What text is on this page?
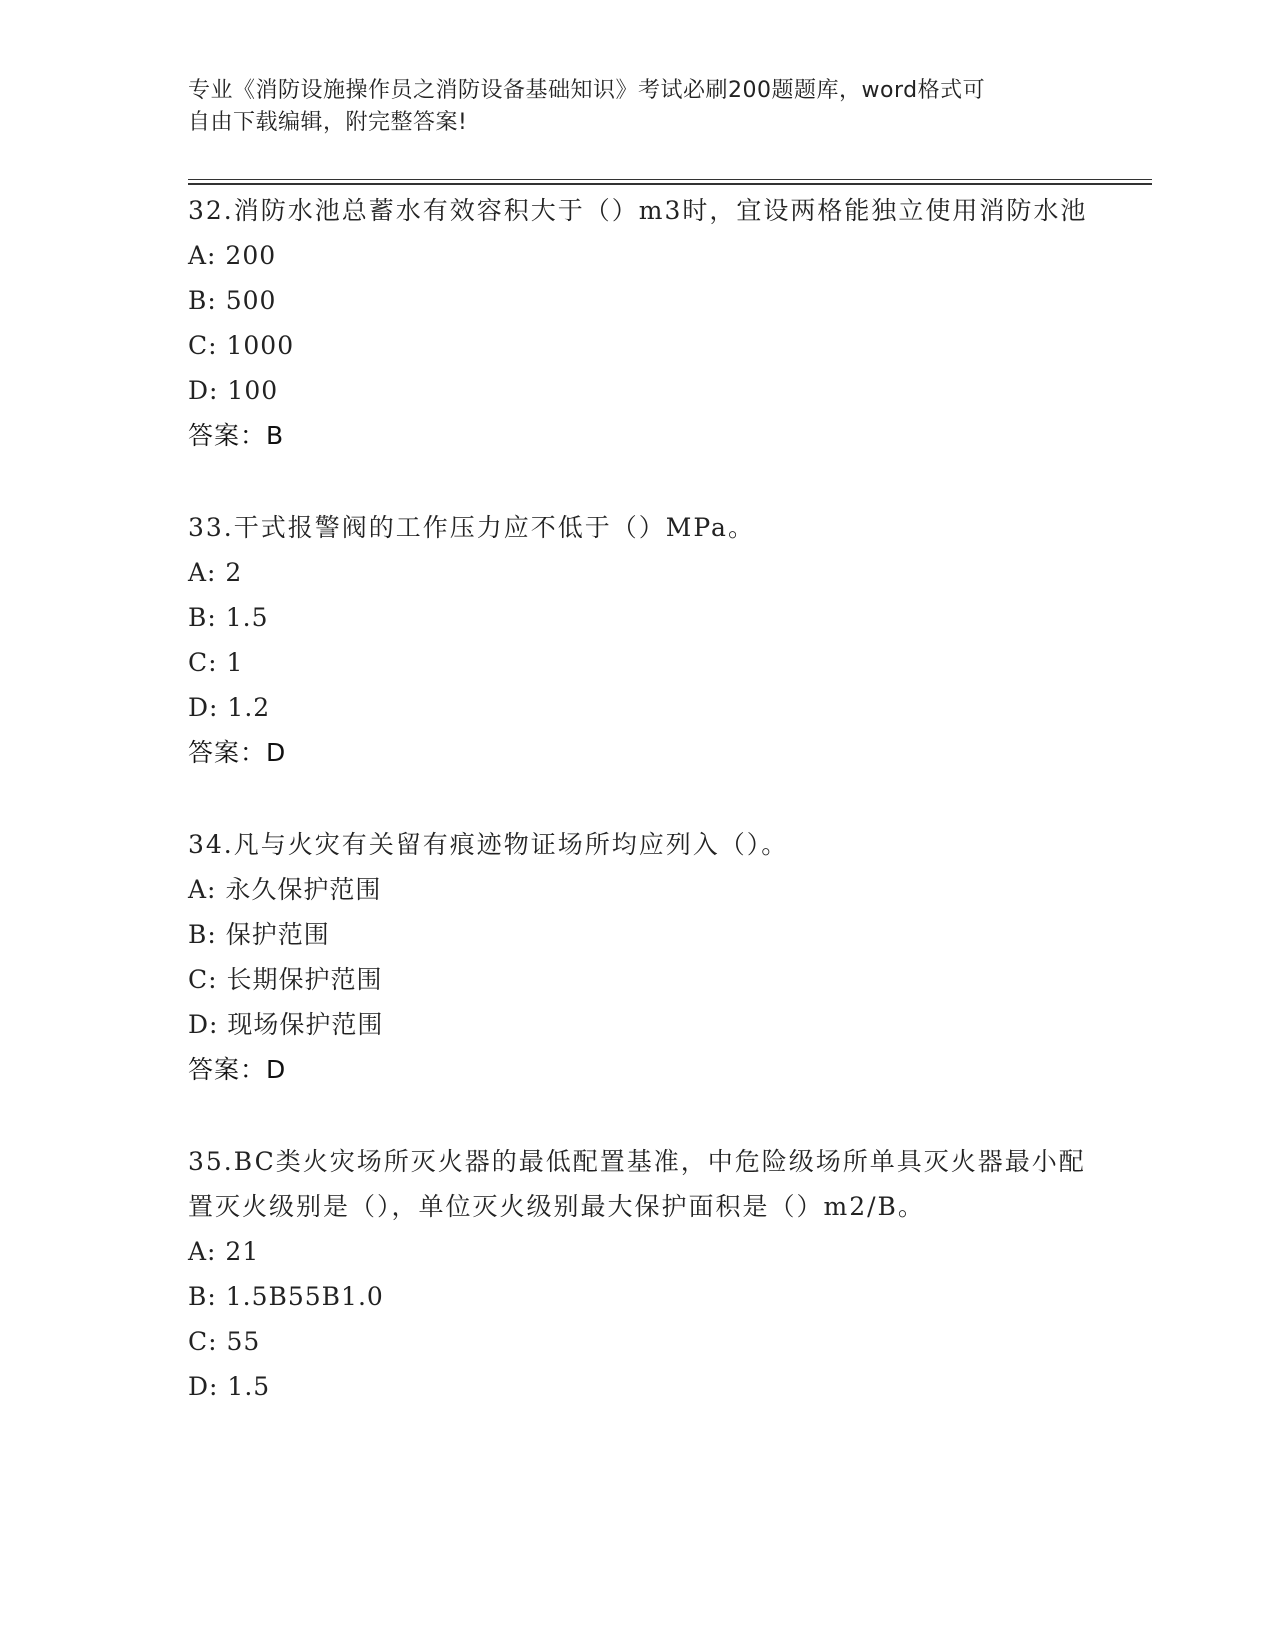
专业《消防设施操作员之消防设备基础知识》考试必刷200题题库，word格式可
自由下载编辑，附完整答案!
32.消防水池总蓄水有效容积大于（）m3时，宜设两格能独立使用消防水池
A: 200
B: 500
C: 1000
D: 100
答案：B
33.干式报警阀的工作压力应不低于（）MPa。
A: 2
B: 1.5
C: 1
D: 1.2
答案：D
34.凡与火灾有关留有痕迹物证场所均应列入（）。
A: 永久保护范围
B: 保护范围
C: 长期保护范围
D: 现场保护范围
答案：D
35.BC类火灾场所灭火器的最低配置基准，中危险级场所单具灭火器最小配置灭火级别是（），单位灭火级别最大保护面积是（）m2/B。
A: 21
B: 1.5B55B1.0
C: 55
D: 1.5
